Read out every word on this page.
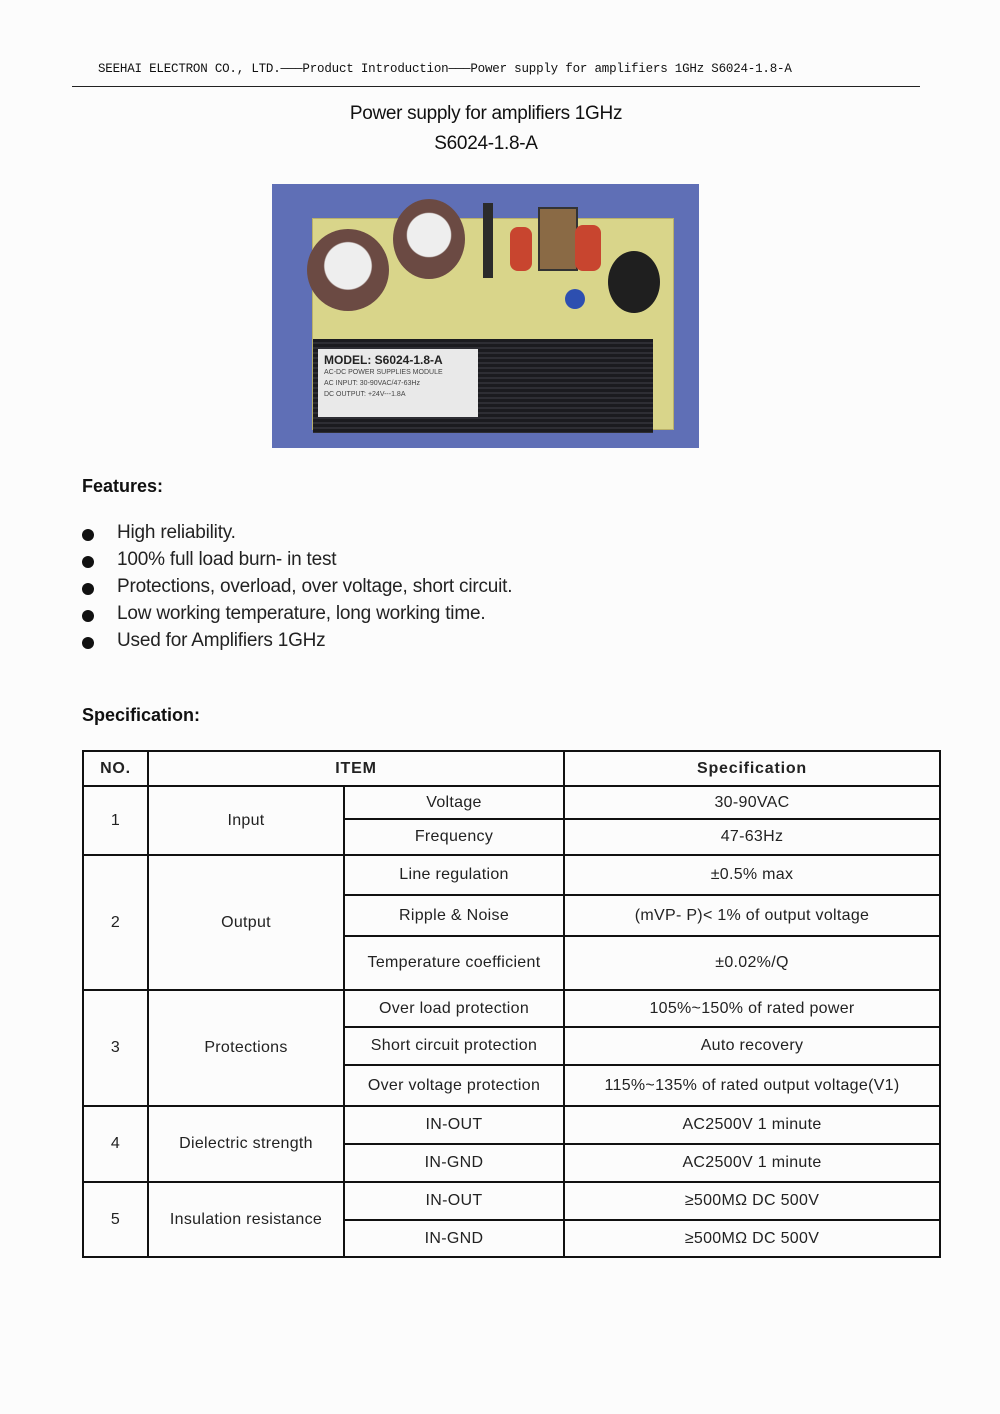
SEEHAI ELECTRON CO., LTD.———Product Introduction———Power supply for amplifiers 1GHz S6024-1.8-A
Power supply for amplifiers 1GHz
S6024-1.8-A
MODEL: S6024-1.8-A
AC-DC POWER SUPPLIES MODULE
AC INPUT: 30-90VAC/47-63Hz
DC OUTPUT: +24V---1.8A
Features:
High reliability.
100% full load burn- in test
Protections, overload, over voltage, short circuit.
Low working temperature, long working time.
Used for Amplifiers 1GHz
Specification:
NO.	ITEM		Specification
1	Input	Voltage	30-90VAC
		Frequency	47-63Hz
2	Output	Line regulation	±0.5% max
		Ripple & Noise	(mVP- P)< 1% of output voltage
		Temperature coefficient	±0.02%/Q
3	Protections	Over load protection	105%~150% of rated power
		Short circuit protection	Auto recovery
		Over voltage protection	115%~135% of rated output voltage(V1)
4	Dielectric strength	IN-OUT	AC2500V 1 minute
		IN-GND	AC2500V 1 minute
5	Insulation resistance	IN-OUT	≥500MΩ DC 500V
		IN-GND	≥500MΩ DC 500V
